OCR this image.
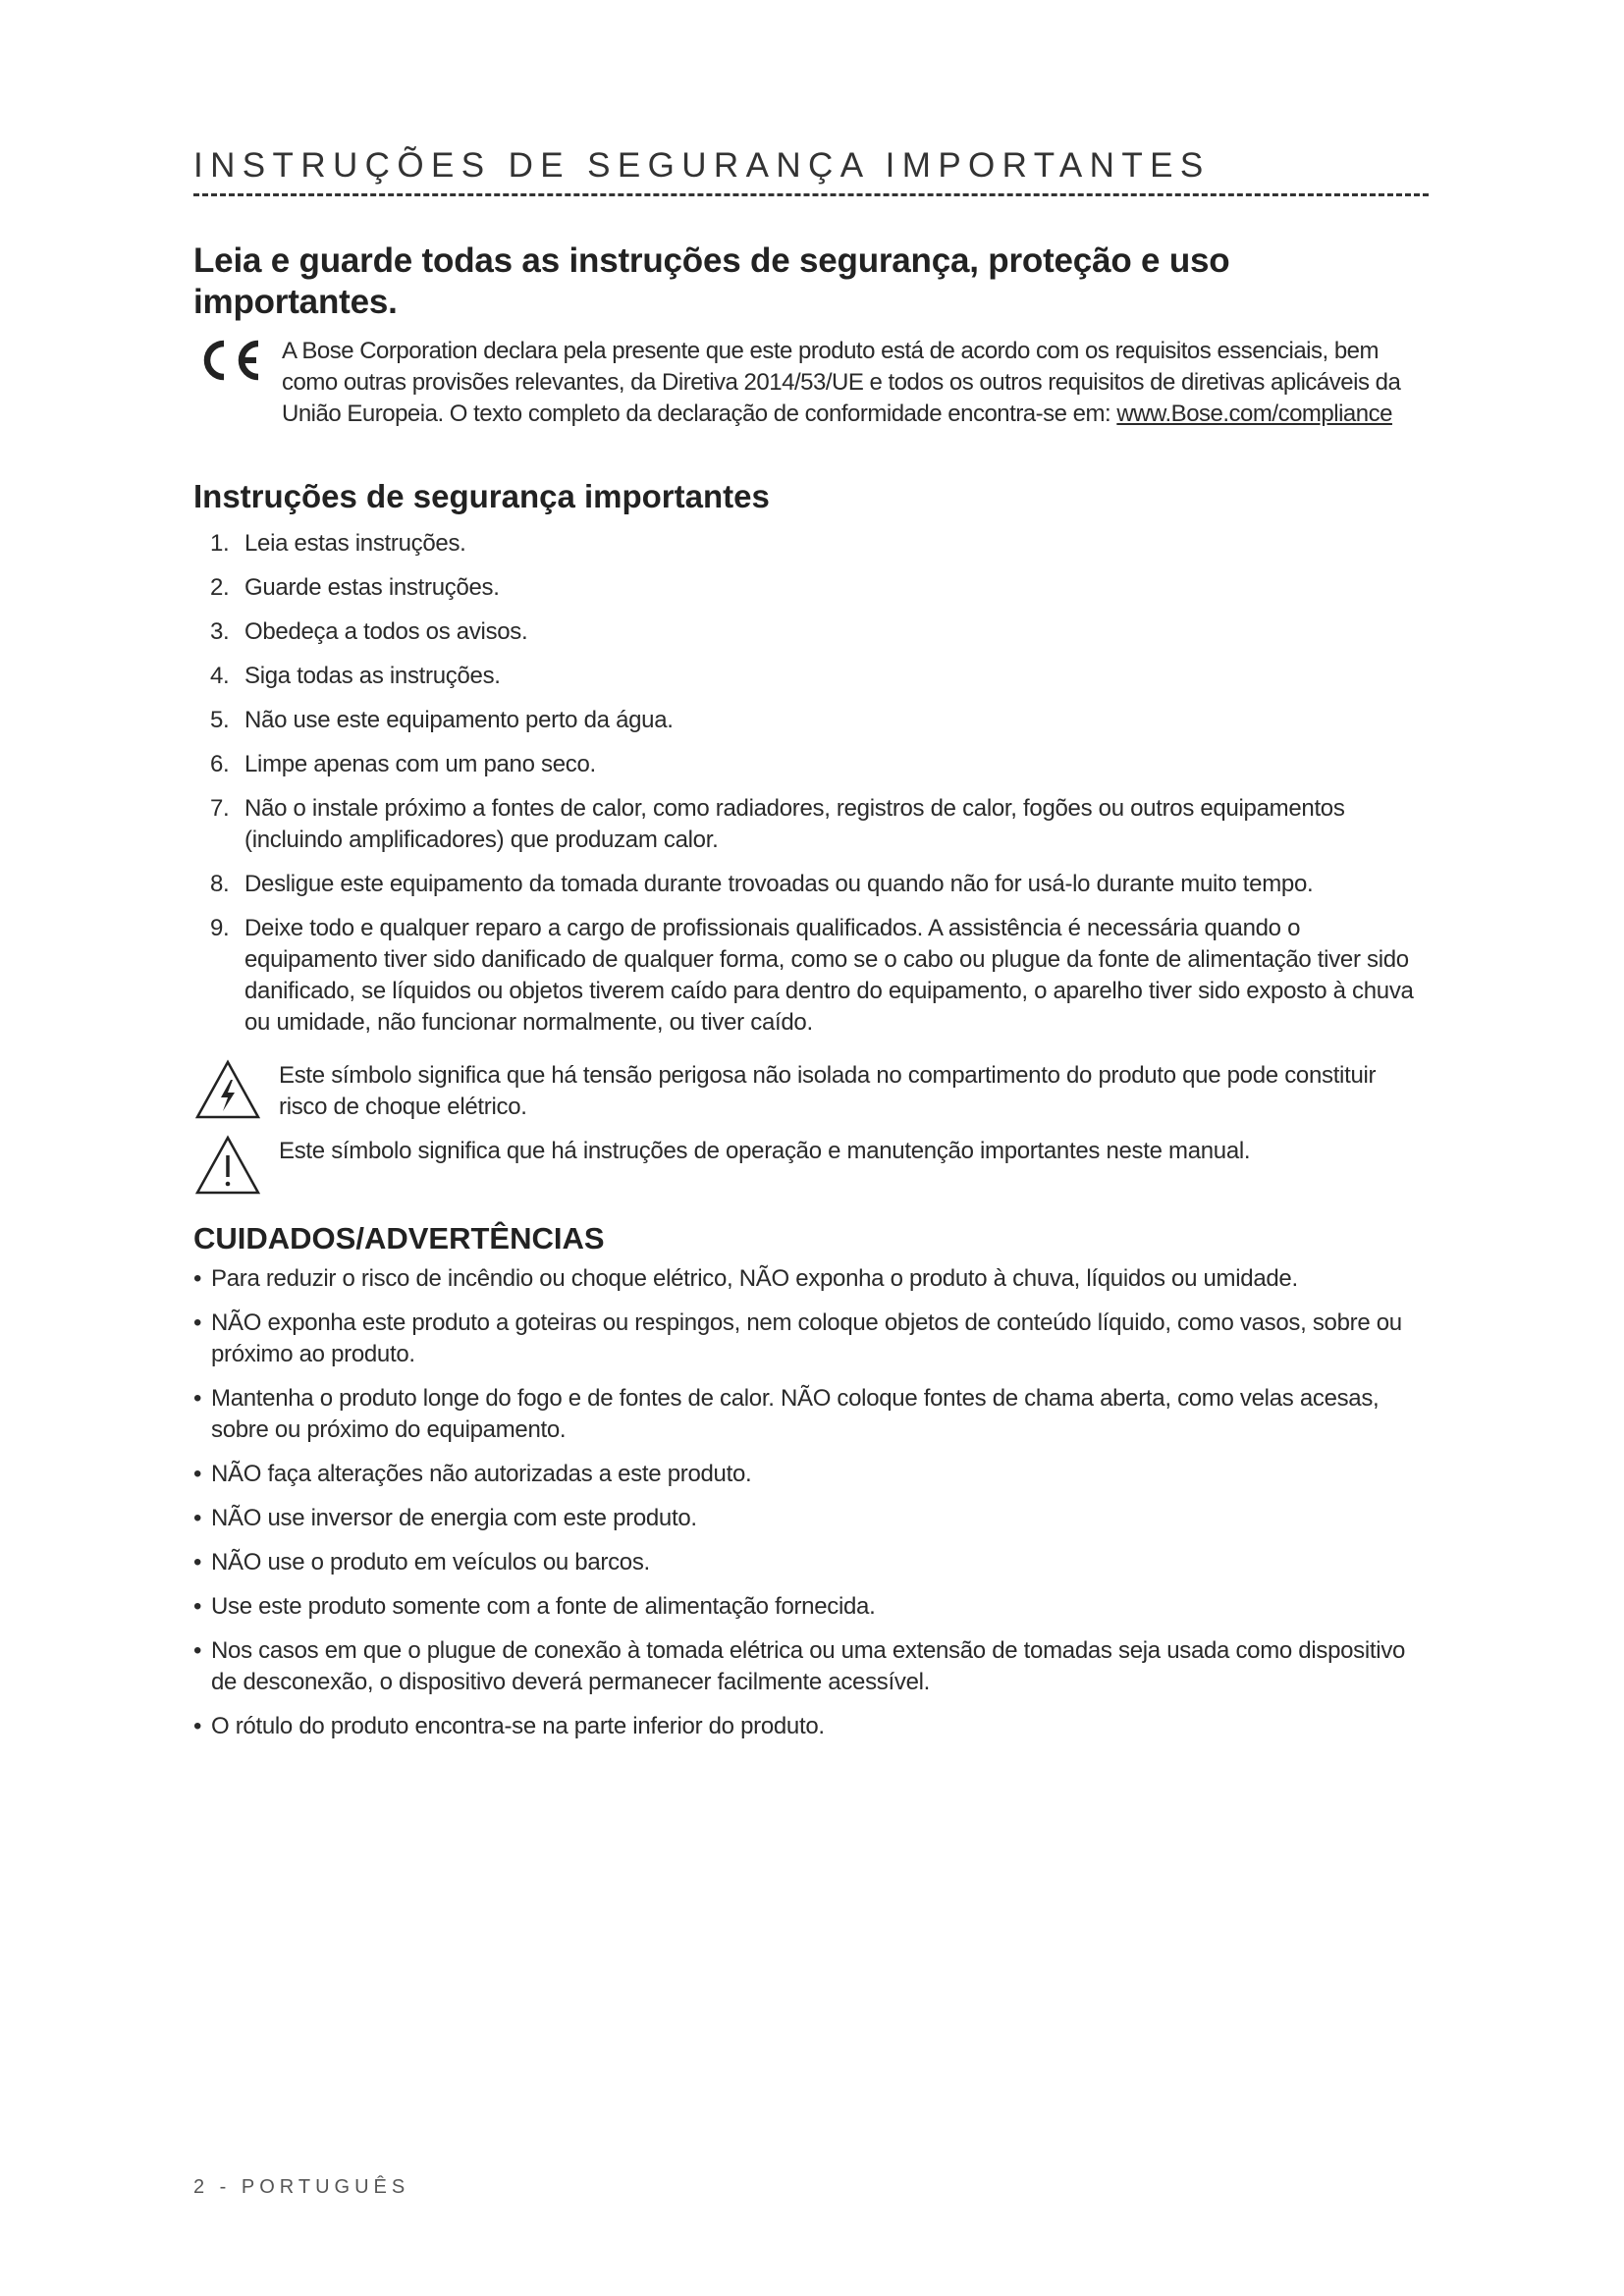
INSTRUÇÕES DE SEGURANÇA IMPORTANTES
Leia e guarde todas as instruções de segurança, proteção e uso importantes.
A Bose Corporation declara pela presente que este produto está de acordo com os requisitos essenciais, bem como outras provisões relevantes, da Diretiva 2014/53/UE e todos os outros requisitos de diretivas aplicáveis da União Europeia. O texto completo da declaração de conformidade encontra-se em: www.Bose.com/compliance
Instruções de segurança importantes
1. Leia estas instruções.
2. Guarde estas instruções.
3. Obedeça a todos os avisos.
4. Siga todas as instruções.
5. Não use este equipamento perto da água.
6. Limpe apenas com um pano seco.
7. Não o instale próximo a fontes de calor, como radiadores, registros de calor, fogões ou outros equipamentos (incluindo amplificadores) que produzam calor.
8. Desligue este equipamento da tomada durante trovoadas ou quando não for usá-lo durante muito tempo.
9. Deixe todo e qualquer reparo a cargo de profissionais qualificados. A assistência é necessária quando o equipamento tiver sido danificado de qualquer forma, como se o cabo ou plugue da fonte de alimentação tiver sido danificado, se líquidos ou objetos tiverem caído para dentro do equipamento, o aparelho tiver sido exposto à chuva ou umidade, não funcionar normalmente, ou tiver caído.
Este símbolo significa que há tensão perigosa não isolada no compartimento do produto que pode constituir risco de choque elétrico.
Este símbolo significa que há instruções de operação e manutenção importantes neste manual.
CUIDADOS/ADVERTÊNCIAS
• Para reduzir o risco de incêndio ou choque elétrico, NÃO exponha o produto à chuva, líquidos ou umidade.
• NÃO exponha este produto a goteiras ou respingos, nem coloque objetos de conteúdo líquido, como vasos, sobre ou próximo ao produto.
• Mantenha o produto longe do fogo e de fontes de calor. NÃO coloque fontes de chama aberta, como velas acesas, sobre ou próximo do equipamento.
• NÃO faça alterações não autorizadas a este produto.
• NÃO use inversor de energia com este produto.
• NÃO use o produto em veículos ou barcos.
• Use este produto somente com a fonte de alimentação fornecida.
• Nos casos em que o plugue de conexão à tomada elétrica ou uma extensão de tomadas seja usada como dispositivo de desconexão, o dispositivo deverá permanecer facilmente acessível.
• O rótulo do produto encontra-se na parte inferior do produto.
2 - PORTUGUÊS
